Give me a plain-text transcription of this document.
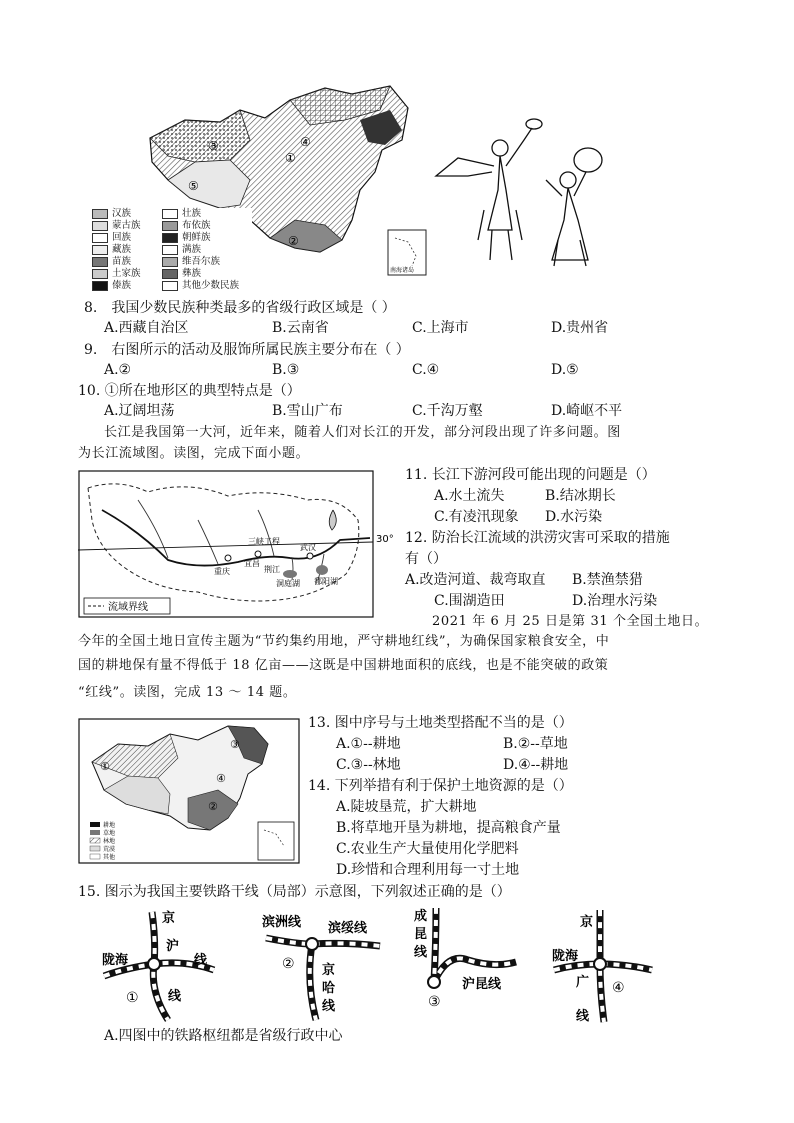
③	④
①
⑤
②
南海诸岛
汉族	壮族
蒙古族	布依族
回族	朝鲜族
藏族	满族
苗族	维吾尔族
土家族	彝族
傣族	其他少数民族
8.　我国少数民族种类最多的省级行政区域是（ ）
A.西藏自治区	B.云南省	C.上海市	D.贵州省
9.　右图所示的活动及服饰所属民族主要分布在（ ）
A.②	B.③	C.④	D.⑤
10. ①所在地形区的典型特点是（）
A.辽阔坦荡	B.雪山广布	C.千沟万壑	D.崎岖不平
长江是我国第一大河，近年来，随着人们对长江的开发，部分河段出现了许多问题。图
为长江流域图。读图，完成下面小题。
30°
流域界线
三峡工程
宜昌
武汉
荆江
洞庭湖 鄱阳湖
重庆
11. 长江下游河段可能出现的问题是（）
A.水土流失	B.结冰期长
C.有凌汛现象 D.水污染
12. 防治长江流域的洪涝灾害可采取的措施
有（）
A.改造河道、裁弯取直 B.禁渔禁猎
C.围湖造田	D.治理水污染
2021 年 6 月 25 日是第 31 个全国土地日。
今年的全国土地日宣传主题为“节约集约用地，严守耕地红线”，为确保国家粮食安全，中
国的耕地保有量不得低于 18 亿亩——这既是中国耕地面积的底线，也是不能突破的政策
“红线”。读图，完成 13 ～ 14 题。
①
③
②
④
耕地
草地
林地
荒漠
其他
13. 图中序号与土地类型搭配不当的是（）
A.①--耕地	B.②--草地
C.③--林地	D.④--耕地
14. 下列举措有利于保护土地资源的是（）
A.陡坡垦荒，扩大耕地
B.将草地开垦为耕地，提高粮食产量
C.农业生产大量使用化学肥料
D.珍惜和合理利用每一寸土地
15. 图示为我国主要铁路干线（局部）示意图，下列叙述正确的是（）
京
沪
线
陇海	线
①
滨洲线 滨绥线
京
哈
线
②
成
昆
线
沪昆线
③
京
陇海
广
线
④
A.四图中的铁路枢纽都是省级行政中心
